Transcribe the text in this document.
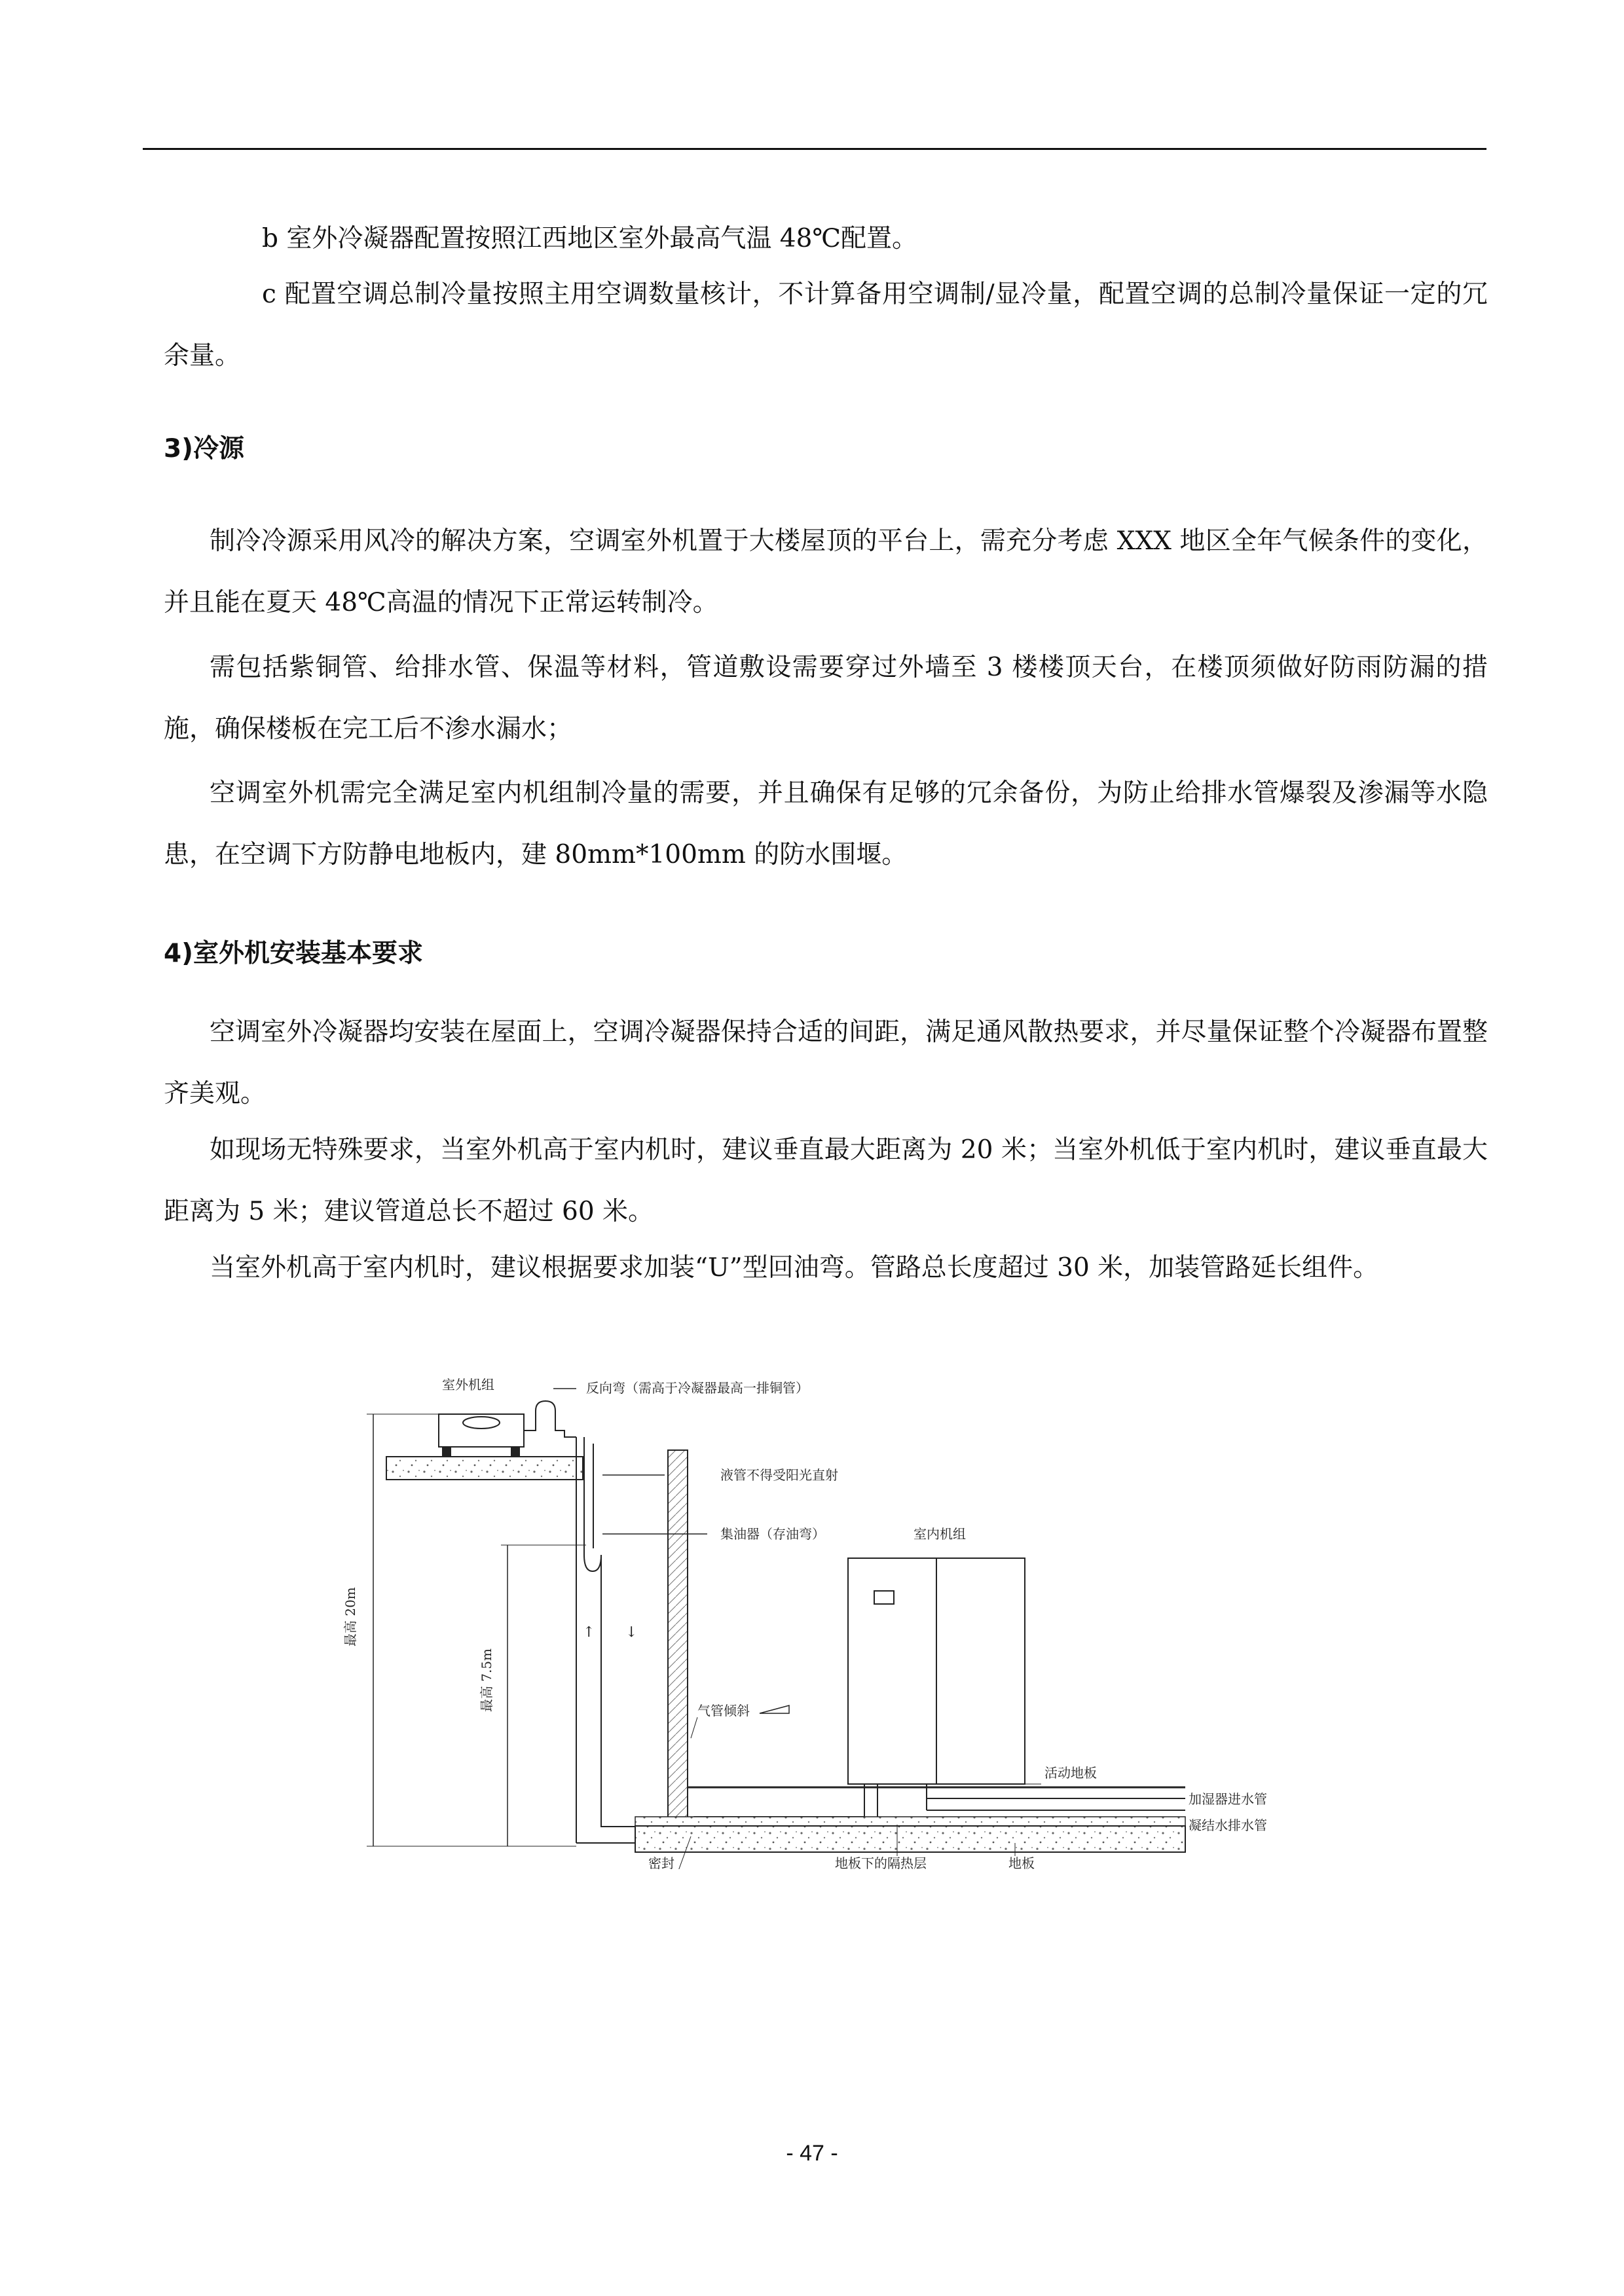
b 室外冷凝器配置按照江西地区室外最高气温 48℃配置。

c 配置空调总制冷量按照主用空调数量核计，不计算备用空调制/显冷量，配置空调的总制冷量保证一定的冗余量。

3)冷源

制冷冷源采用风冷的解决方案，空调室外机置于大楼屋顶的平台上，需充分考虑 XXX 地区全年气候条件的变化，并且能在夏天 48℃高温的情况下正常运转制冷。

需包括紫铜管、给排水管、保温等材料，管道敷设需要穿过外墙至 3 楼楼顶天台，在楼顶须做好防雨防漏的措施，确保楼板在完工后不渗水漏水；

空调室外机需完全满足室内机组制冷量的需要，并且确保有足够的冗余备份，为防止给排水管爆裂及渗漏等水隐患，在空调下方防静电地板内，建 80mm*100mm 的防水围堰。

4)室外机安装基本要求

空调室外冷凝器均安装在屋面上，空调冷凝器保持合适的间距，满足通风散热要求，并尽量保证整个冷凝器布置整齐美观。

如现场无特殊要求，当室外机高于室内机时，建议垂直最大距离为 20 米；当室外机低于室内机时，建议垂直最大距离为 5 米；建议管道总长不超过 60 米。

当室外机高于室内机时，建议根据要求加装“U”型回油弯。管路总长度超过 30 米，加装管路延长组件。

室外机组	反向弯（需高于冷凝器最高一排铜管）
↑ ↓
液管不得受阳光直射
集油器（存油弯）
最高 20m
最高 7.5m
室内机组
气管倾斜
活动地板
加湿器进水管
凝结水排水管
密封	地板下的隔热层	地板
- 47 -
